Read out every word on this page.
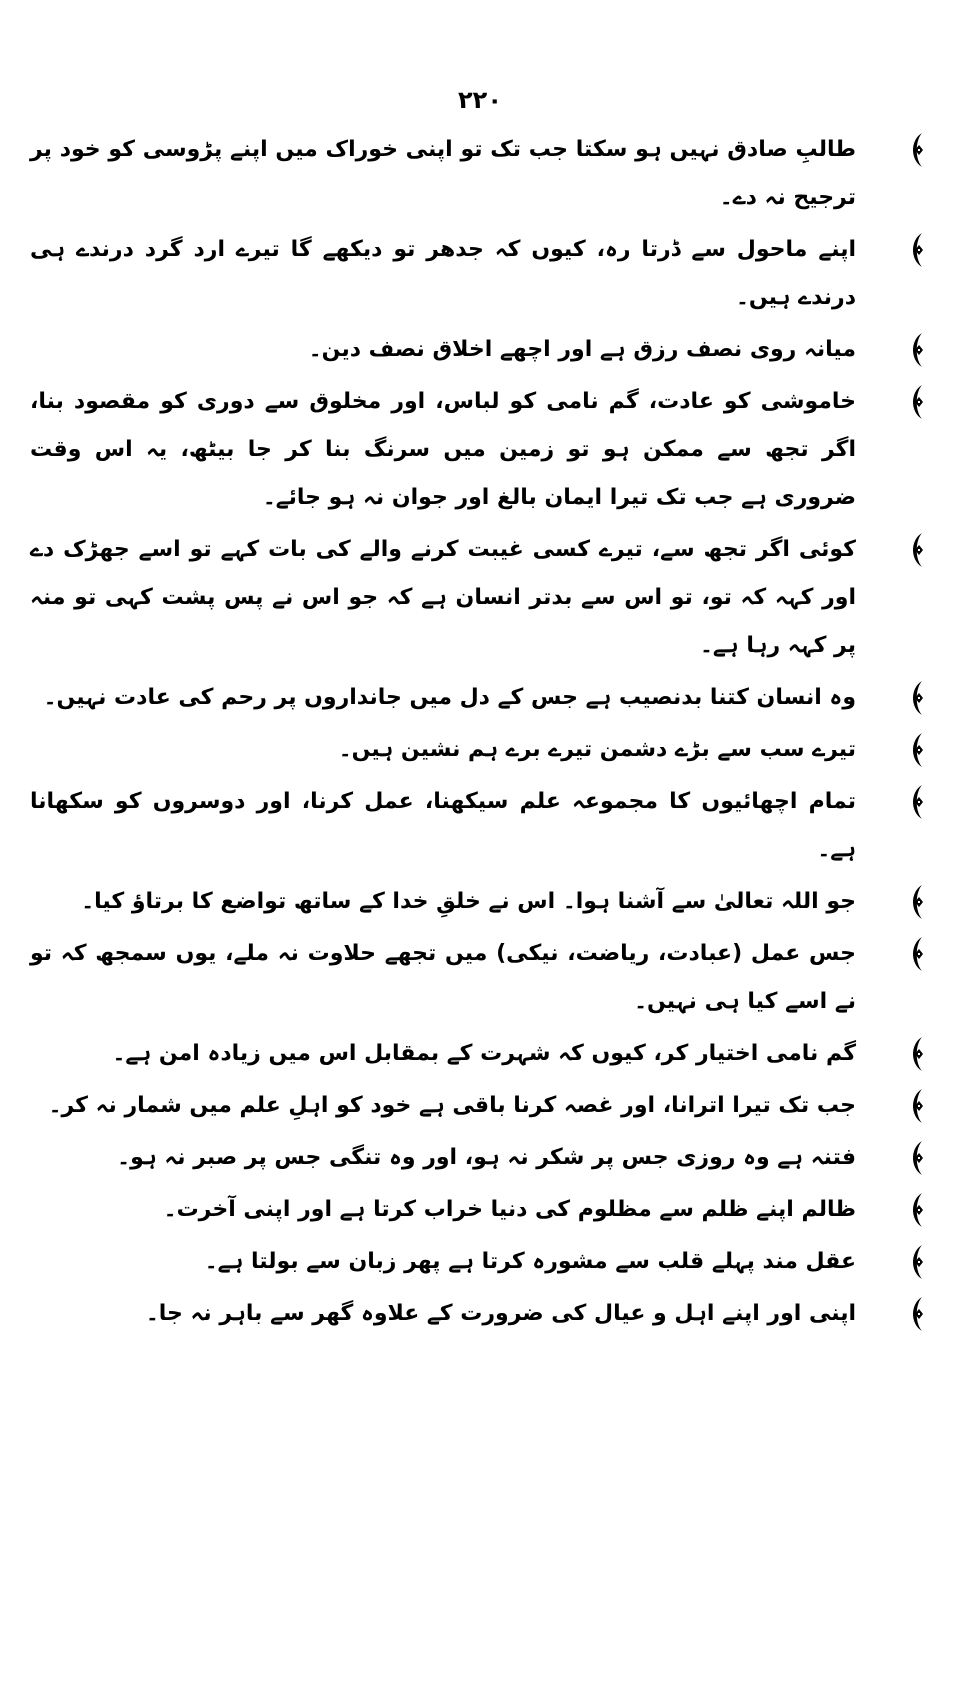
۲۲۰
طالبِ صادق نہیں ہو سکتا جب تک تو اپنی خوراک میں اپنے پڑوسی کو خود پر ترجیح نہ دے۔
اپنے ماحول سے ڈرتا رہ، کیوں کہ جدھر تو دیکھے گا تیرے ارد گرد درندے ہی درندے ہیں۔
میانہ روی نصف رزق ہے اور اچھے اخلاق نصف دین۔
خاموشی کو عادت، گم نامی کو لباس، اور مخلوق سے دوری کو مقصود بنا، اگر تجھ سے ممکن ہو تو زمین میں سرنگ بنا کر جا بیٹھ، یہ اس وقت ضروری ہے جب تک تیرا ایمان بالغ اور جوان نہ ہو جائے۔
کوئی اگر تجھ سے، تیرے کسی غیبت کرنے والے کی بات کہے تو اسے جھڑک دے اور کہہ کہ تو، تو اس سے بدتر انسان ہے کہ جو اس نے پس پشت کہی تو منہ پر کہہ رہا ہے۔
وہ انسان کتنا بدنصیب ہے جس کے دل میں جانداروں پر رحم کی عادت نہیں۔
تیرے سب سے بڑے دشمن تیرے برے ہم نشین ہیں۔
تمام اچھائیوں کا مجموعہ علم سیکھنا، عمل کرنا، اور دوسروں کو سکھانا ہے۔
جو اللہ تعالیٰ سے آشنا ہوا۔ اس نے خلقِ خدا کے ساتھ تواضع کا برتاؤ کیا۔
جس عمل (عبادت، ریاضت، نیکی) میں تجھے حلاوت نہ ملے، یوں سمجھ کہ تو نے اسے کیا ہی نہیں۔
گم نامی اختیار کر، کیوں کہ شہرت کے بمقابل اس میں زیادہ امن ہے۔
جب تک تیرا اترانا، اور غصہ کرنا باقی ہے خود کو اہلِ علم میں شمار نہ کر۔
فتنہ ہے وہ روزی جس پر شکر نہ ہو، اور وہ تنگی جس پر صبر نہ ہو۔
ظالم اپنے ظلم سے مظلوم کی دنیا خراب کرتا ہے اور اپنی آخرت۔
عقل مند پہلے قلب سے مشورہ کرتا ہے پھر زبان سے بولتا ہے۔
اپنی اور اپنے اہل و عیال کی ضرورت کے علاوہ گھر سے باہر نہ جا۔
